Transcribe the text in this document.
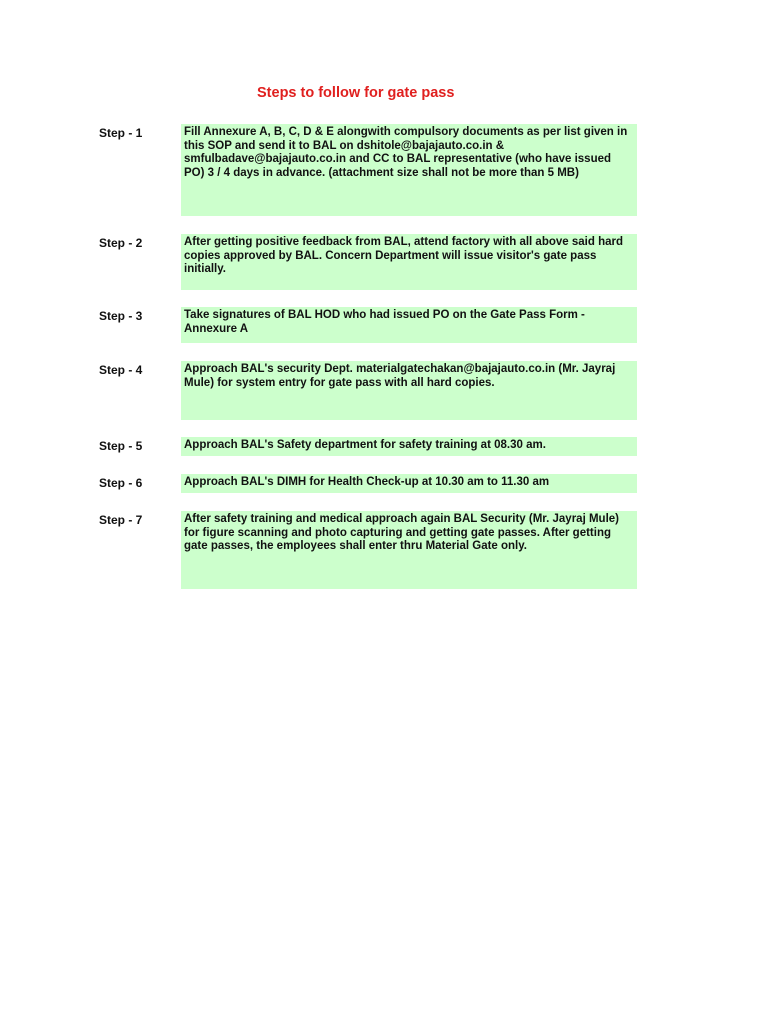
Steps to follow for gate pass
Step - 1	Fill Annexure A, B, C, D & E alongwith compulsory documents as per list given in this SOP and send it to BAL on dshitole@bajajauto.co.in & smfulbadave@bajajauto.co.in and CC to BAL representative (who have issued PO) 3 / 4 days in advance. (attachment size shall not be more than 5 MB)
Step - 2	After getting positive feedback from BAL, attend factory with all above said hard copies approved by BAL. Concern Department will issue visitor's gate pass initially.
Step - 3	Take signatures of BAL HOD who had issued PO on the Gate Pass Form - Annexure A
Step - 4	Approach BAL's security Dept. materialgatechakan@bajajauto.co.in (Mr. Jayraj Mule) for system entry for gate pass with all hard copies.
Step - 5	Approach BAL's Safety department for safety training at 08.30 am.
Step - 6	Approach BAL's DIMH for Health Check-up at 10.30 am to 11.30 am
Step - 7	After safety training and medical approach again BAL Security (Mr. Jayraj Mule) for figure scanning and photo capturing and getting gate passes. After getting gate passes, the employees shall enter thru Material Gate only.
